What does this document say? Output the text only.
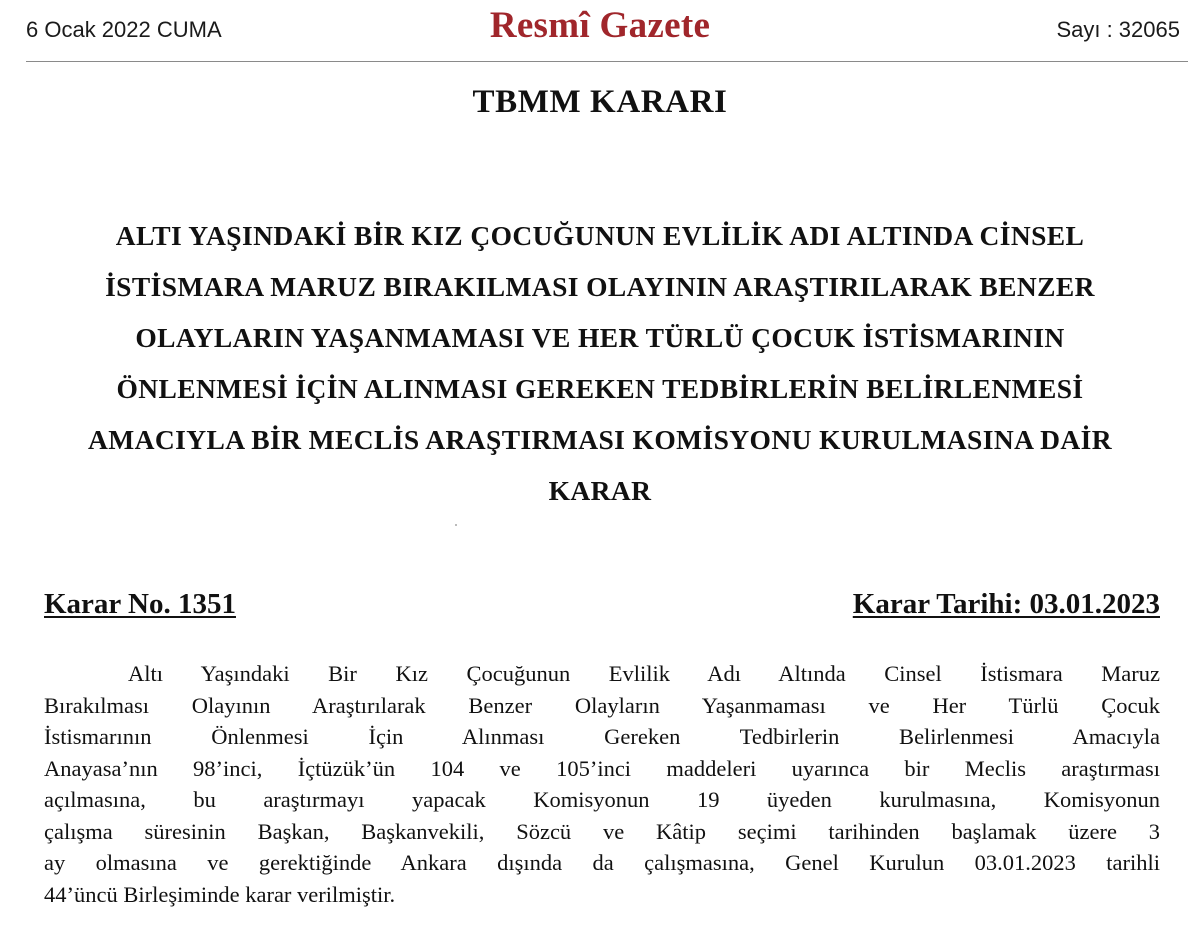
6 Ocak 2022 CUMA	Resmî Gazete	Sayı : 32065
TBMM KARARI
ALTI YAŞINDAKİ BİR KIZ ÇOCUĞUNUN EVLİLİK ADI ALTINDA CİNSEL
İSTİSMARA MARUZ BIRAKILMASI OLAYININ ARAŞTIRILARAK BENZER
OLAYLARIN YAŞANMAMASI VE HER TÜRLÜ ÇOCUK İSTİSMARININ
ÖNLENMESİ İÇİN ALINMASI GEREKEN TEDBİRLERİN BELİRLENMESİ
AMACIYLA BİR MECLİS ARAŞTIRMASI KOMİSYONU KURULMASINA DAİR
KARAR
Karar No. 1351	Karar Tarihi: 03.01.2023
Altı Yaşındaki Bir Kız Çocuğunun Evlilik Adı Altında Cinsel İstismara Maruz
Bırakılması Olayının Araştırılarak Benzer Olayların Yaşanmaması ve Her Türlü Çocuk
İstismarının Önlenmesi İçin Alınması Gereken Tedbirlerin Belirlenmesi Amacıyla
Anayasa’nın 98’inci, İçtüzük’ün 104 ve 105’inci maddeleri uyarınca bir Meclis araştırması
açılmasına, bu araştırmayı yapacak Komisyonun 19 üyeden kurulmasına, Komisyonun
çalışma süresinin Başkan, Başkanvekili, Sözcü ve Kâtip seçimi tarihinden başlamak üzere 3
ay olmasına ve gerektiğinde Ankara dışında da çalışmasına, Genel Kurulun 03.01.2023 tarihli
44’üncü Birleşiminde karar verilmiştir.
